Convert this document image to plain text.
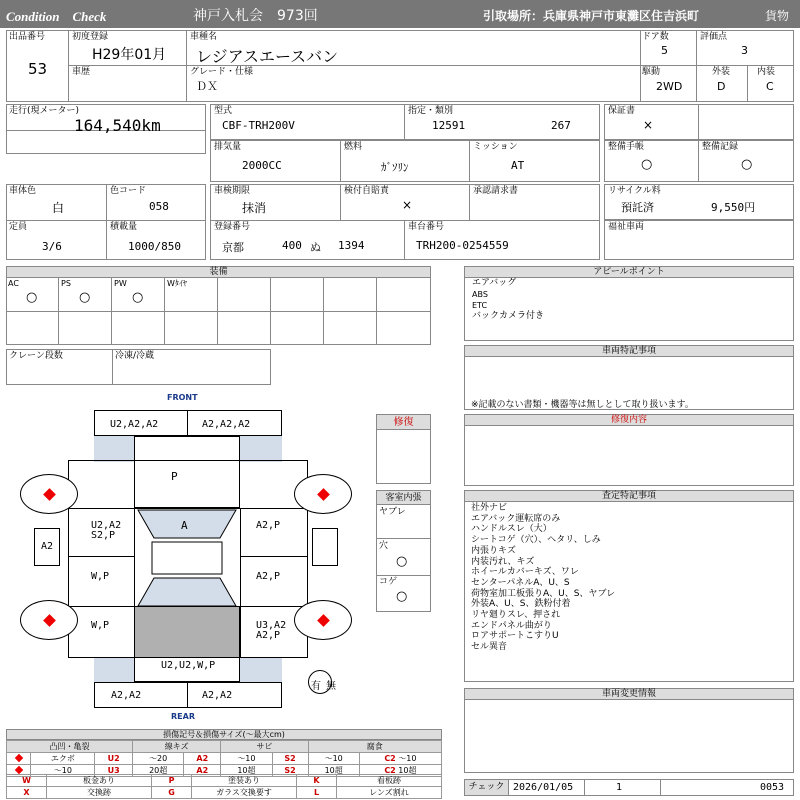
Condition　Check	神戸入札会　973回	引取場所：兵庫県神戸市東灘区住吉浜町	貨物
出品番号
53
初度登録
H29年01月
車種名
レジアスエースバン
ドア数
5
評価点
3
車歴	グレード・仕様
ＤＸ
駆動
2WD
外装
D
内装
C
走行(現メーター)
164,540km
型式
CBF-TRH200V
指定・類別
12591	267
保証書
×
排気量
2000CC
燃料
ｶﾞｿﾘﾝ
ミッション
AT
整備手帳
○
整備記録
○
車体色
白
色コード
058
定員
3/6
積載量
1000/850
車検期限
抹消
検付自賠責
×
承認請求書
登録番号
京都	400 ぬ 1394
車台番号
TRH200-0254559
リサイクル料
預託済	9,550円
福祉車両
装備
AC
○
PS
○
PW
○
Wﾀｲﾔ
クレーン段数	冷凍/冷蔵
FRONT
REAR
U2,A2,A2	A2,A2,A2
P
A
U2,A2
S2,P
A2,P
W,P	A2,P
W,P	U3,A2
A2,P
U2,U2,W,P
A2,A2	A2,A2
A2
有 無
修復
客室内張
ヤブレ
穴
○
コゲ
○
アピールポイント
エアバッグ
ABS
ETC
バックカメラ付き
車両特記事項
※記載のない書類・機器等は無しとして取り扱います。
修復内容
査定特記事項
社外ナビ
エアバック運転席のみ
ハンドルスレ（大）
シートコゲ（穴）、ヘタリ、しみ
内張りキズ
内装汚れ、キズ
ホイールカバーキズ、ワレ
センターパネルA、U、S
荷物室加工板張りA、U、S、ヤブレ
外装A、U、S、鉄粉付着
リヤ廻りスレ、押され
エンドパネル曲がり
ロアサポートこすりU
セル異音
車両変更情報
損傷記号＆損傷サイズ(〜最大cm)
凸凹・亀裂			線キズ		サビ		腐食	
	エクボ	U2	〜20	A2	〜10	S2	〜10	C2 〜10
	〜10	U3	20超	A2	10超	S2	10超	C2 10超
W	板金あり	P	塗装あり	K	看板跡
X	交換跡	G	ガラス交換要す	L	レンズ割れ
チェック 2026/01/05	1	0053
